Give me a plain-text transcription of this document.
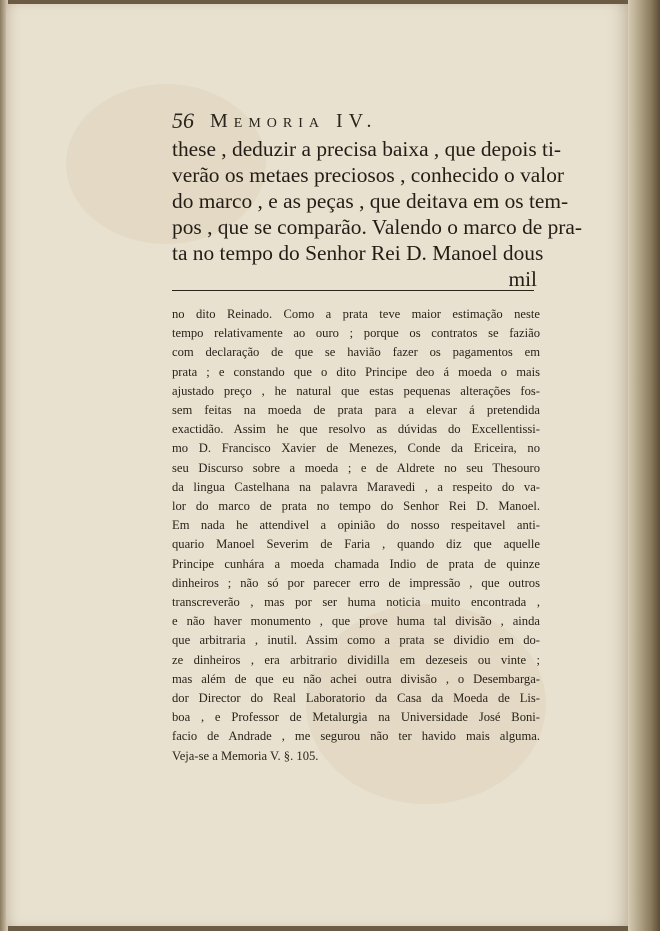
56 Memoria IV.
these , deduzir a precisa baixa , que depois ti-
verão os metaes preciosos , conhecido o valor
do marco , e as peças , que deitava em os tem-
pos , que se comparão. Valendo o marco de pra-
ta no tempo do Senhor Rei D. Manoel dous
mil
no dito Reinado. Como a prata teve maior estimação neste
tempo relativamente ao ouro ; porque os contratos se fazião
com declaração de que se havião fazer os pagamentos em
prata ; e constando que o dito Principe deo á moeda o mais
ajustado preço , he natural que estas pequenas alterações fos-
sem feitas na moeda de prata para a elevar á pretendida
exactidão. Assim he que resolvo as dúvidas do Excellentissi-
mo D. Francisco Xavier de Menezes, Conde da Ericeira, no
seu Discurso sobre a moeda ; e de Aldrete no seu Thesouro
da lingua Castelhana na palavra Maravedi , a respeito do va-
lor do marco de prata no tempo do Senhor Rei D. Manoel.
Em nada he attendivel a opinião do nosso respeitavel anti-
quario Manoel Severim de Faria , quando diz que aquelle
Principe cunhára a moeda chamada Indio de prata de quinze
dinheiros ; não só por parecer erro de impressão , que outros
transcreverão , mas por ser huma noticia muito encontrada ,
e não haver monumento , que prove huma tal divisão , ainda
que arbitraria , inutil. Assim como a prata se dividio em do-
ze dinheiros , era arbitrario dividilla em dezeseis ou vinte ;
mas além de que eu não achei outra divisão , o Desembarga-
dor Director do Real Laboratorio da Casa da Moeda de Lis-
boa , e Professor de Metalurgia na Universidade José Boni-
facio de Andrade , me segurou não ter havido mais alguma.
Veja-se a Memoria V. §. 105.
